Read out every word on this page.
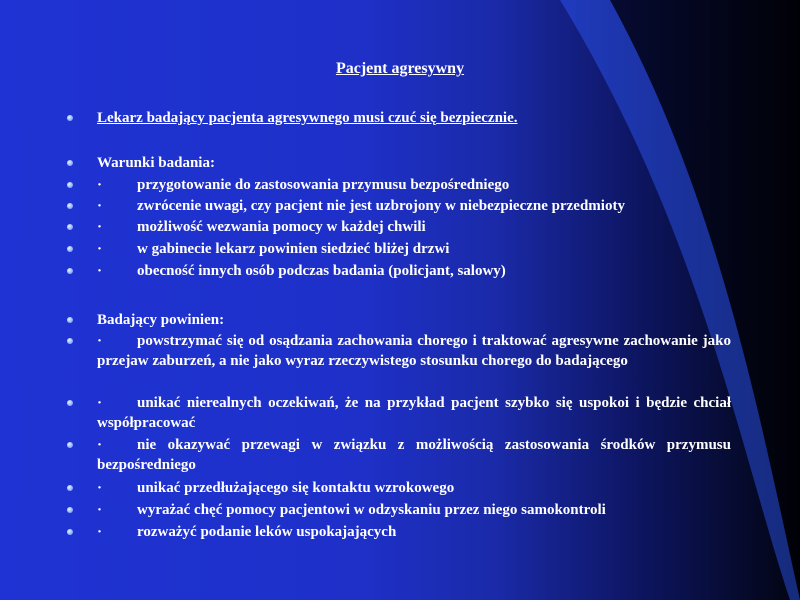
Pacjent agresywny
Lekarz badający pacjenta agresywnego musi czuć się bezpiecznie.
Warunki badania:
· przygotowanie do zastosowania przymusu bezpośredniego
· zwrócenie uwagi, czy pacjent nie jest uzbrojony w niebezpieczne przedmioty
· możliwość wezwania pomocy w każdej chwili
· w gabinecie lekarz powinien siedzieć bliżej drzwi
· obecność innych osób podczas badania (policjant, salowy)
Badający powinien:
· powstrzymać się od osądzania zachowania chorego i traktować agresywne zachowanie jako przejaw zaburzeń, a nie jako wyraz rzeczywistego stosunku chorego do badającego
· unikać nierealnych oczekiwań, że na przykład pacjent szybko się uspokoi i będzie chciał współpracować
· nie okazywać przewagi w związku z możliwością zastosowania środków przymusu bezpośredniego
· unikać przedłużającego się kontaktu wzrokowego
· wyrażać chęć pomocy pacjentowi w odzyskaniu przez niego samokontroli
· rozważyć podanie leków uspokajających
